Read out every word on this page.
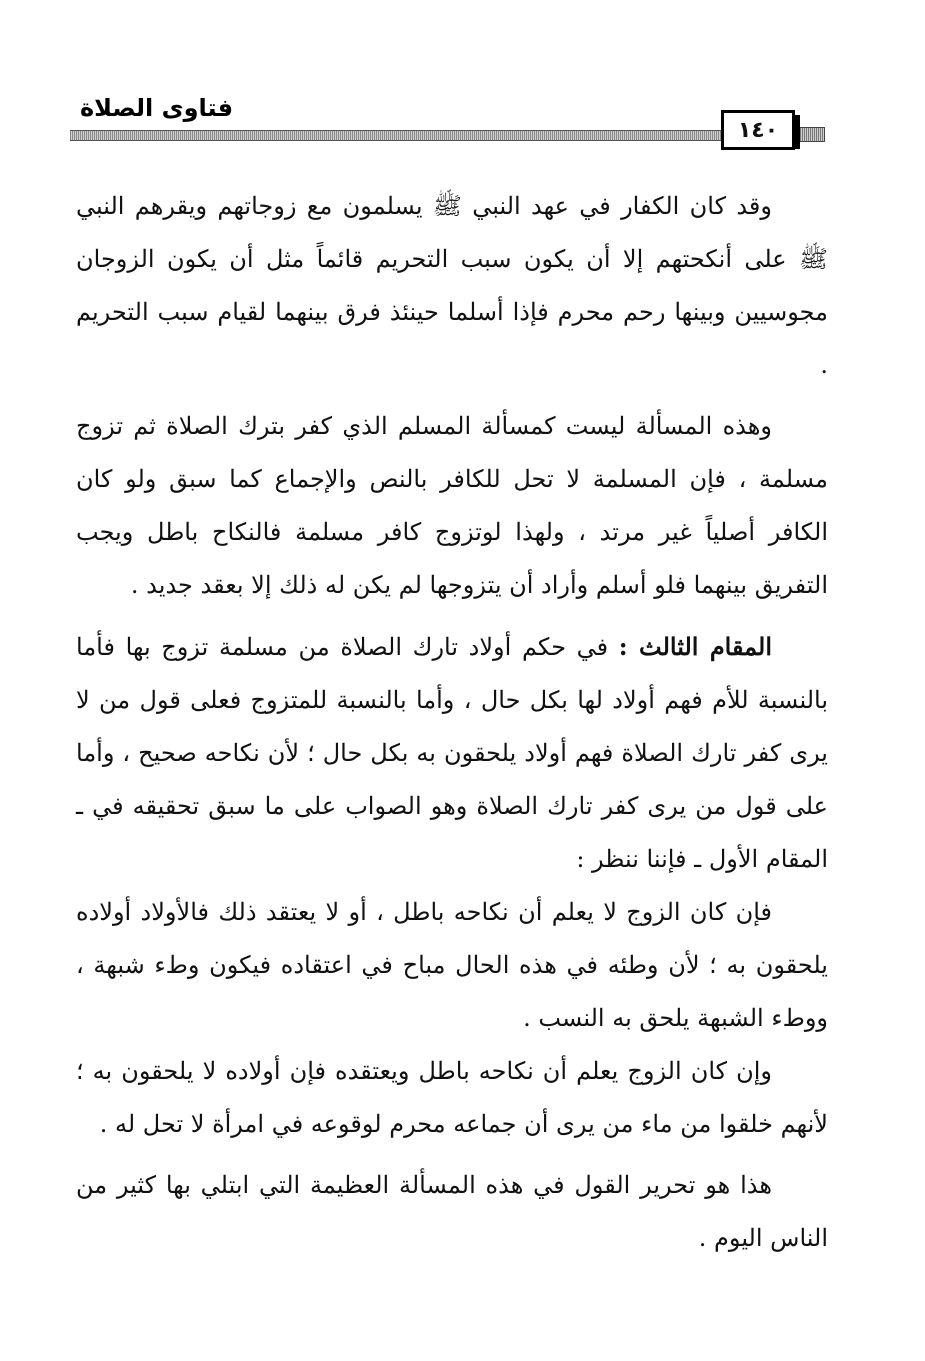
فتاوى الصلاة
١٤٠

وقد كان الكفار في عهد النبي ﷺ يسلمون مع زوجاتهم ويقرهم النبي ﷺ على أنكحتهم إلا أن يكون سبب التحريم قائماً مثل أن يكون الزوجان مجوسيين وبينها رحم محرم فإذا أسلما حينئذ فرق بينهما لقيام سبب التحريم .

وهذه المسألة ليست كمسألة المسلم الذي كفر بترك الصلاة ثم تزوج مسلمة ، فإن المسلمة لا تحل للكافر بالنص والإجماع كما سبق ولو كان الكافر أصلياً غير مرتد ، ولهذا لوتزوج كافر مسلمة فالنكاح باطل ويجب التفريق بينهما فلو أسلم وأراد أن يتزوجها لم يكن له ذلك إلا بعقد جديد .

المقام الثالث : في حكم أولاد تارك الصلاة من مسلمة تزوج بها فأما بالنسبة للأم فهم أولاد لها بكل حال ، وأما بالنسبة للمتزوج فعلى قول من لا يرى كفر تارك الصلاة فهم أولاد يلحقون به بكل حال ؛ لأن نكاحه صحيح ، وأما على قول من يرى كفر تارك الصلاة وهو الصواب على ما سبق تحقيقه في ـ المقام الأول ـ فإننا ننظر :

فإن كان الزوج لا يعلم أن نكاحه باطل ، أو لا يعتقد ذلك فالأولاد أولاده يلحقون به ؛ لأن وطئه في هذه الحال مباح في اعتقاده فيكون وطء شبهة ، ووطء الشبهة يلحق به النسب .

وإن كان الزوج يعلم أن نكاحه باطل ويعتقده فإن أولاده لا يلحقون به ؛ لأنهم خلقوا من ماء من يرى أن جماعه محرم لوقوعه في امرأة لا تحل له .

هذا هو تحرير القول في هذه المسألة العظيمة التي ابتلي بها كثير من الناس اليوم .
